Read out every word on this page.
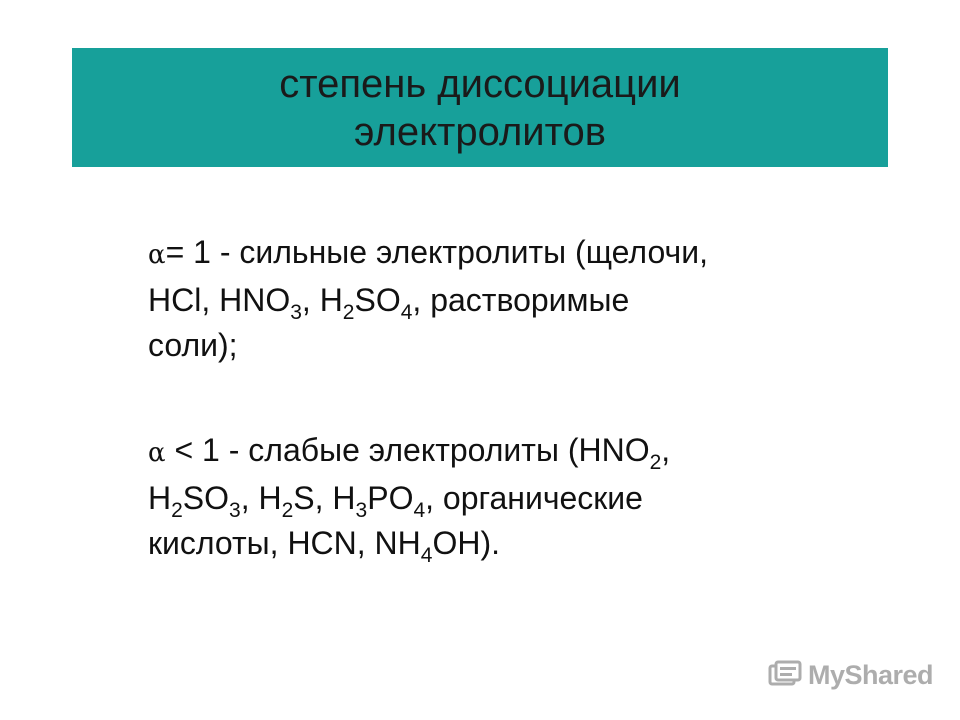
степень диссоциации
электролитов
α= 1 - сильные электролиты (щелочи,
HCl, $HNO_3$, $H_2SO_4$, растворимые
соли);
α < 1 - слабые электролиты ($HNO_2$,
$H_2SO_3$, $H_2S$, $H_3PO_4$, органические
кислоты, HCN, $NH_4OH$).
MyShared
